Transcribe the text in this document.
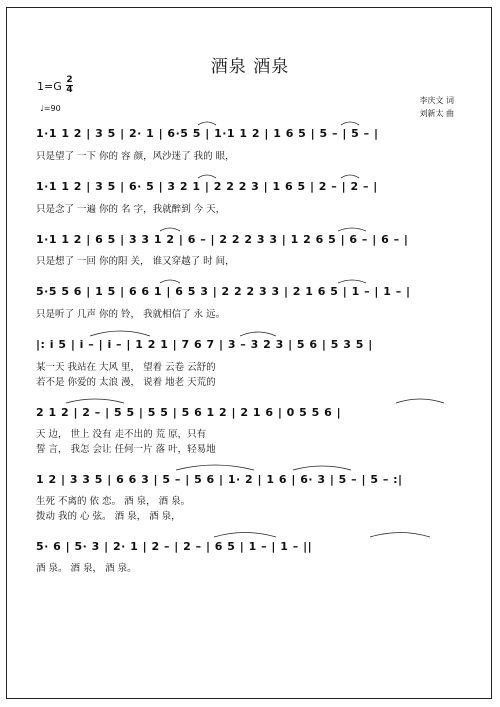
酒泉 酒泉
1=G 2
4
♩=90
李庆文 词
刘新太 曲
1·1 1 2 | 3 5 | 2· 1 | 6·5 5 | 1·1 1 2 | 1 6 5 | 5 – | 5 – |
只是望了 一下 你的 容 颜，风沙迷了 我的 眼，
1·1 1 2 | 3 5 | 6· 5 | 3 2 1 | 2 2 2 3 | 1 6 5 | 2 – | 2 – |
只是念了 一遍 你的 名 字，我就醉到 今 天，
1·1 1 2 | 6 5 | 3 3 1 2 | 6 – | 2 2 2 3 3 | 1 2 6 5 | 6 – | 6 – |
只是想了 一回 你的阳 关， 谁又穿越了 时 间，
5·5 5 6 | 1 5 | 6 6 1 | 6 5 3 | 2 2 2 3 3 | 2 1 6 5 | 1 – | 1 – |
只是听了 几声 你的 铃， 我就相信了 永 远。
|: i 5 | i – | i – | 1 2 1 | 7 6 7 | 3 – 3 2 3 | 5 6 | 5 3 5 |
某一天 我站在 大风 里， 望着 云卷 云舒的
若不是 你爱的 太浪 漫， 说着 地老 天荒的
2 1 2 | 2 – | 5 5 | 5 5 | 5 6 1 2 | 2 1 6 | 0 5 5 6 |
天 边， 世上 没有 走不出的 荒 原，只有
誓 言， 我怎 会让 任何一片 落 叶，轻易地
1 2 | 3 3 5 | 6 6 3 | 5 – | 5 6 | 1· 2 | 1 6 | 6· 3 | 5 – | 5 – :|
生死 不离的 依 恋。 酒 泉， 酒 泉。
拨动 我的 心 弦。 酒 泉， 酒 泉，
5· 6 | 5· 3 | 2· 1 | 2 – | 2 – | 6 5 | 1 – | 1 – ||
酒 泉。 酒 泉， 酒 泉。
